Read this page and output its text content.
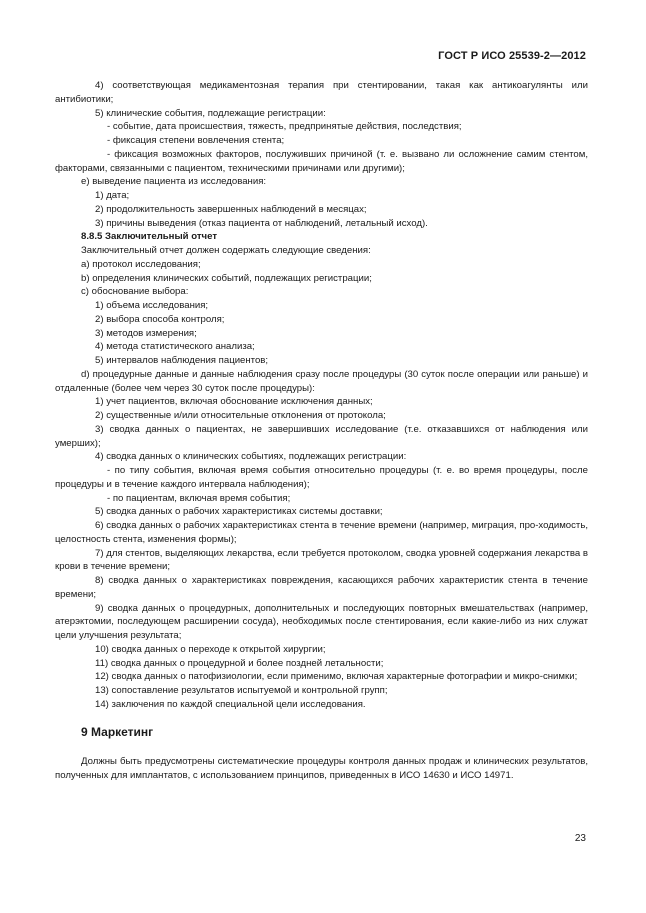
ГОСТ Р ИСО 25539-2—2012

4) соответствующая медикаментозная терапия при стентировании, такая как антикоагулянты или антибиотики;

5) клинические события, подлежащие регистрации:

- событие, дата происшествия, тяжесть, предпринятые действия, последствия;

- фиксация степени вовлечения стента;

- фиксация возможных факторов, послуживших причиной (т. е. вызвано ли осложнение самим стентом, факторами, связанными с пациентом, техническими причинами или другими);

е) выведение пациента из исследования:

1) дата;

2) продолжительность завершенных наблюдений в месяцах;

3) причины выведения (отказ пациента от наблюдений, летальный исход).

8.8.5 Заключительный отчет

Заключительный отчет должен содержать следующие сведения:

a) протокол исследования;

b) определения клинических событий, подлежащих регистрации;

c) обоснование выбора:

1) объема исследования;

2) выбора способа контроля;

3) методов измерения;

4) метода статистического анализа;

5) интервалов наблюдения пациентов;

d) процедурные данные и данные наблюдения сразу после процедуры (30 суток после операции или раньше) и отдаленные (более чем через 30 суток после процедуры):

1) учет пациентов, включая обоснование исключения данных;

2) существенные и/или относительные отклонения от протокола;

3) сводка данных о пациентах, не завершивших исследование (т.е. отказавшихся от наблюдения или умерших);

4) сводка данных о клинических событиях, подлежащих регистрации:

- по типу события, включая время события относительно процедуры (т. е. во время процедуры, после процедуры и в течение каждого интервала наблюдения);

- по пациентам, включая время события;

5) сводка данных о рабочих характеристиках системы доставки;

6) сводка данных о рабочих характеристиках стента в течение времени (например, миграция, про-ходимость, целостность стента, изменения формы);

7) для стентов, выделяющих лекарства, если требуется протоколом, сводка уровней содержания лекарства в крови в течение времени;

8) сводка данных о характеристиках повреждения, касающихся рабочих характеристик стента в течение времени;

9) сводка данных о процедурных, дополнительных и последующих повторных вмешательствах (например, атерэктомии, последующем расширении сосуда), необходимых после стентирования, если какие-либо из них служат цели улучшения результата;

10) сводка данных о переходе к открытой хирургии;

11) сводка данных о процедурной и более поздней летальности;

12) сводка данных о патофизиологии, если применимо, включая характерные фотографии и микро-снимки;

13) сопоставление результатов испытуемой и контрольной групп;

14) заключения по каждой специальной цели исследования.

9 Маркетинг

Должны быть предусмотрены систематические процедуры контроля данных продаж и клинических результатов, полученных для имплантатов, с использованием принципов, приведенных в ИСО 14630 и ИСО 14971.

23
